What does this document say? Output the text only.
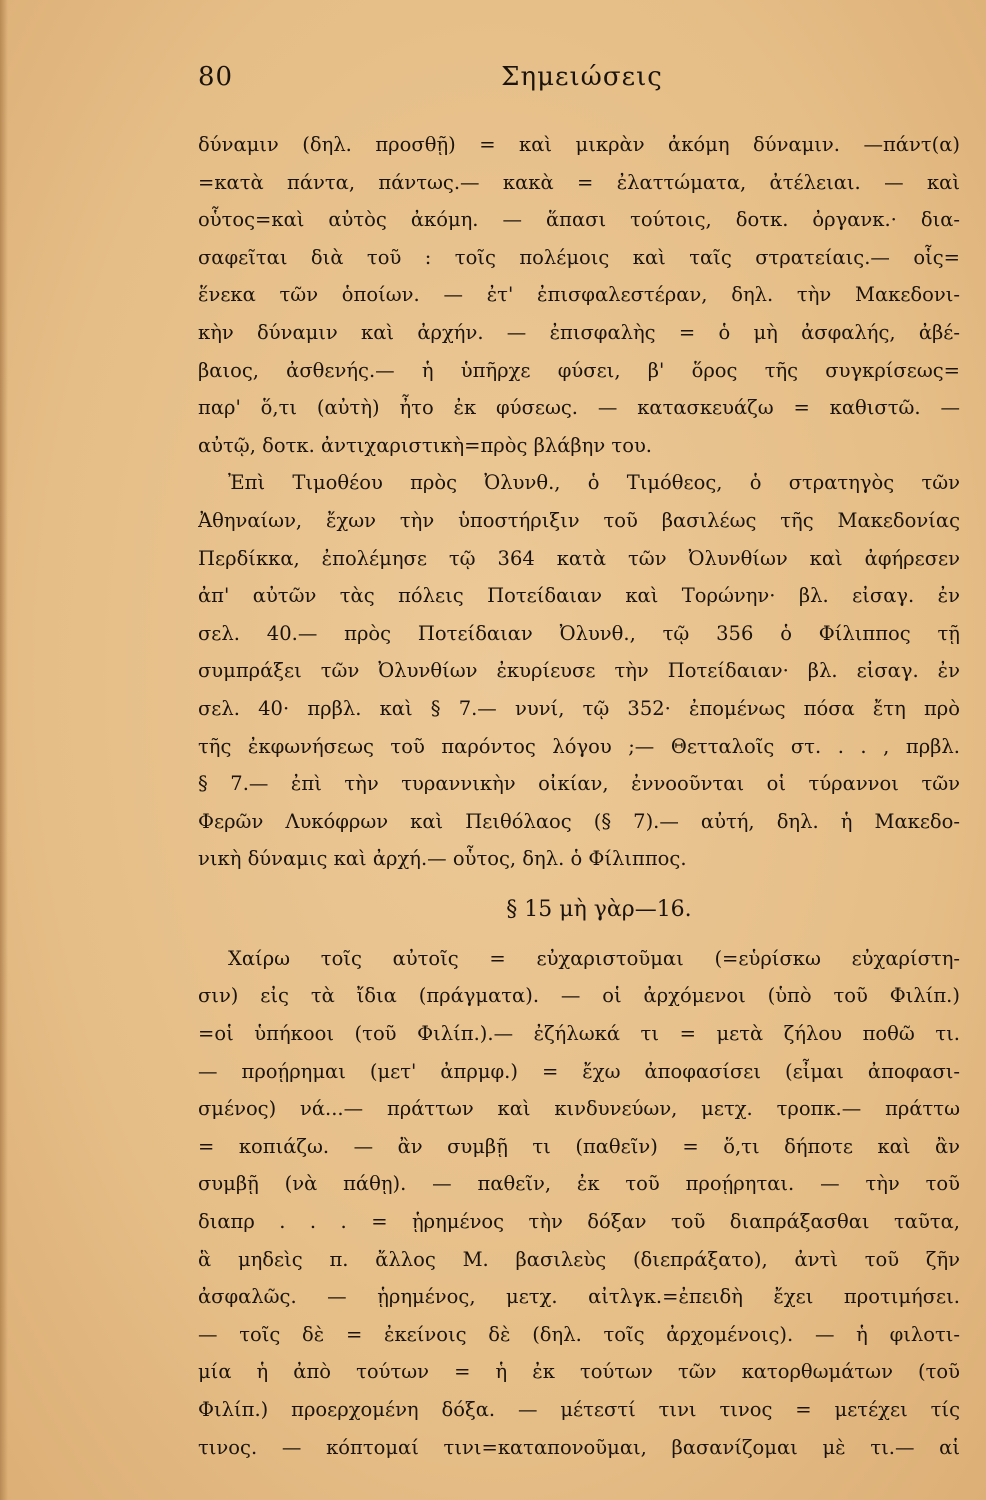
80	Σημειώσεις
δύναμιν (δηλ. προσθῇ) = καὶ μικρὰν ἀκόμη δύναμιν. —πάντ(α)
=κατὰ πάντα, πάντως.— κακὰ = ἐλαττώματα, ἀτέλειαι. — καὶ
οὗτος=καὶ αὐτὸς ἀκόμη. — ἅπασι τούτοις, δοτκ. ὀργανκ.· δια-
σαφεῖται διὰ τοῦ : τοῖς πολέμοις καὶ ταῖς στρατείαις.— οἷς=
ἕνεκα τῶν ὁποίων. — ἐτ' ἐπισφαλεστέραν, δηλ. τὴν Μακεδονι-
κὴν δύναμιν καὶ ἀρχήν. — ἐπισφαλὴς = ὁ μὴ ἀσφαλής, ἀβέ-
βαιος, ἀσθενής.— ἡ ὑπῆρχε φύσει, β' ὅρος τῆς συγκρίσεως=
παρ' ὅ,τι (αὐτὴ) ἦτο ἐκ φύσεως. — κατασκευάζω = καθιστῶ. —
αὐτῷ, δοτκ. ἀντιχαριστικὴ=πρὸς βλάβην του.
Ἐπὶ Τιμοθέου πρὸς Ὀλυνθ., ὁ Τιμόθεος, ὁ στρατηγὸς τῶν
Ἀθηναίων, ἔχων τὴν ὑποστήριξιν τοῦ βασιλέως τῆς Μακεδονίας
Περδίκκα, ἐπολέμησε τῷ 364 κατὰ τῶν Ὀλυνθίων καὶ ἀφήρεσεν
ἀπ' αὐτῶν τὰς πόλεις Ποτείδαιαν καὶ Τορώνην· βλ. εἰσαγ. ἐν
σελ. 40.— πρὸς Ποτείδαιαν Ὀλυνθ., τῷ 356 ὁ Φίλιππος τῇ
συμπράξει τῶν Ὀλυνθίων ἐκυρίευσε τὴν Ποτείδαιαν· βλ. εἰσαγ. ἐν
σελ. 40· πρβλ. καὶ § 7.— νυνί, τῷ 352· ἐπομένως πόσα ἔτη πρὸ
τῆς ἐκφωνήσεως τοῦ παρόντος λόγου ;— Θετταλοῖς στ. . . , πρβλ.
§ 7.— ἐπὶ τὴν τυραννικὴν οἰκίαν, ἐννοοῦνται οἱ τύραννοι τῶν
Φερῶν Λυκόφρων καὶ Πειθόλαος (§ 7).— αὐτή, δηλ. ἡ Μακεδο-
νικὴ δύναμις καὶ ἀρχή.— οὗτος, δηλ. ὁ Φίλιππος.
§ 15 μὴ γὰρ—16.
Χαίρω τοῖς αὐτοῖς = εὐχαριστοῦμαι (=εὑρίσκω εὐχαρίστη-
σιν) εἰς τὰ ἴδια (πράγματα). — οἱ ἀρχόμενοι (ὑπὸ τοῦ Φιλίπ.)
=οἱ ὑπήκοοι (τοῦ Φιλίπ.).— ἐζήλωκά τι = μετὰ ζήλου ποθῶ τι.
— προῄρημαι (μετ' ἀπρμφ.) = ἔχω ἀποφασίσει (εἶμαι ἀποφασι-
σμένος) νά...— πράττων καὶ κινδυνεύων, μετχ. τροπκ.— πράττω
= κοπιάζω. — ἂν συμβῇ τι (παθεῖν) = ὅ,τι δήποτε καὶ ἂν
συμβῇ (νὰ πάθῃ). — παθεῖν, ἐκ τοῦ προῄρηται. — τὴν τοῦ
διαπρ . . . = ᾑρημένος τὴν δόξαν τοῦ διαπράξασθαι ταῦτα,
ἃ μηδεὶς π. ἄλλος Μ. βασιλεὺς (διεπράξατο), ἀντὶ τοῦ ζῆν
ἀσφαλῶς. — ᾑρημένος, μετχ. αἰτλγκ.=ἐπειδὴ ἔχει προτιμήσει.
— τοῖς δὲ = ἐκείνοις δὲ (δηλ. τοῖς ἀρχομένοις). — ἡ φιλοτι-
μία ἡ ἀπὸ τούτων = ἡ ἐκ τούτων τῶν κατορθωμάτων (τοῦ
Φιλίπ.) προερχομένη δόξα. — μέτεστί τινι τινος = μετέχει τίς
τινος. — κόπτομαί τινι=καταπονοῦμαι, βασανίζομαι μὲ τι.— αἱ
